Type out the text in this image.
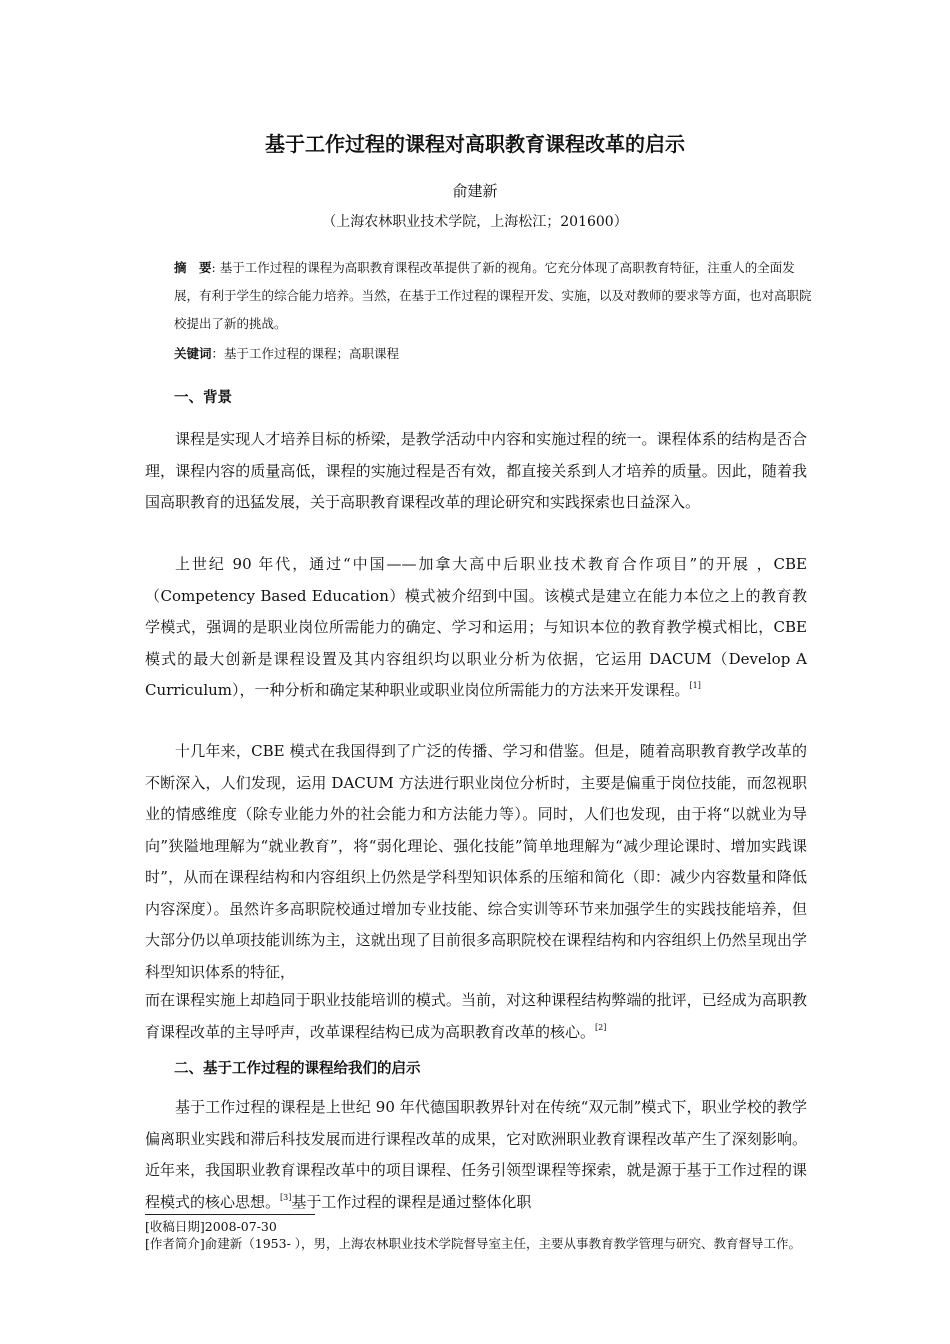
基于工作过程的课程对高职教育课程改革的启示
俞建新
（上海农林职业技术学院，上海松江；201600）

摘　要: 基于工作过程的课程为高职教育课程改革提供了新的视角。它充分体现了高职教育特征，注重人的全面发展，有利于学生的综合能力培养。当然，在基于工作过程的课程开发、实施，以及对教师的要求等方面，也对高职院校提出了新的挑战。

关键词：基于工作过程的课程；高职课程
一、背景

课程是实现人才培养目标的桥梁，是教学活动中内容和实施过程的统一。课程体系的结构是否合理，课程内容的质量高低，课程的实施过程是否有效，都直接关系到人才培养的质量。因此，随着我国高职教育的迅猛发展，关于高职教育课程改革的理论研究和实践探索也日益深入。

上世纪 90 年代，通过“中国——加拿大高中后职业技术教育合作项目”的开展 ，CBE（Competency Based Education）模式被介绍到中国。该模式是建立在能力本位之上的教育教学模式，强调的是职业岗位所需能力的确定、学习和运用；与知识本位的教育教学模式相比，CBE 模式的最大创新是课程设置及其内容组织均以职业分析为依据，它运用 DACUM（Develop A Curriculum），一种分析和确定某种职业或职业岗位所需能力的方法来开发课程。[1]

十几年来，CBE 模式在我国得到了广泛的传播、学习和借鉴。但是，随着高职教育教学改革的不断深入，人们发现，运用 DACUM 方法进行职业岗位分析时，主要是偏重于岗位技能，而忽视职业的情感维度（除专业能力外的社会能力和方法能力等）。同时，人们也发现，由于将“以就业为导向”狭隘地理解为“就业教育”，将“弱化理论、强化技能”简单地理解为“减少理论课时、增加实践课时”，从而在课程结构和内容组织上仍然是学科型知识体系的压缩和简化（即：减少内容数量和降低内容深度）。虽然许多高职院校通过增加专业技能、综合实训等环节来加强学生的实践技能培养，但大部分仍以单项技能训练为主，这就出现了目前很多高职院校在课程结构和内容组织上仍然呈现出学科型知识体系的特征，

而在课程实施上却趋同于职业技能培训的模式。当前，对这种课程结构弊端的批评，已经成为高职教育课程改革的主导呼声，改革课程结构已成为高职教育改革的核心。[2]

二、基于工作过程的课程给我们的启示

基于工作过程的课程是上世纪 90 年代德国职教界针对在传统“双元制”模式下，职业学校的教学偏离职业实践和滞后科技发展而进行课程改革的成果，它对欧洲职业教育课程改革产生了深刻影响。近年来，我国职业教育课程改革中的项目课程、任务引领型课程等探索，就是源于基于工作过程的课程模式的核心思想。[3]基于工作过程的课程是通过整体化职

[收稿日期]2008-07-30

[作者简介]俞建新（1953- ），男，上海农林职业技术学院督导室主任，主要从事教育教学管理与研究、教育督导工作。
